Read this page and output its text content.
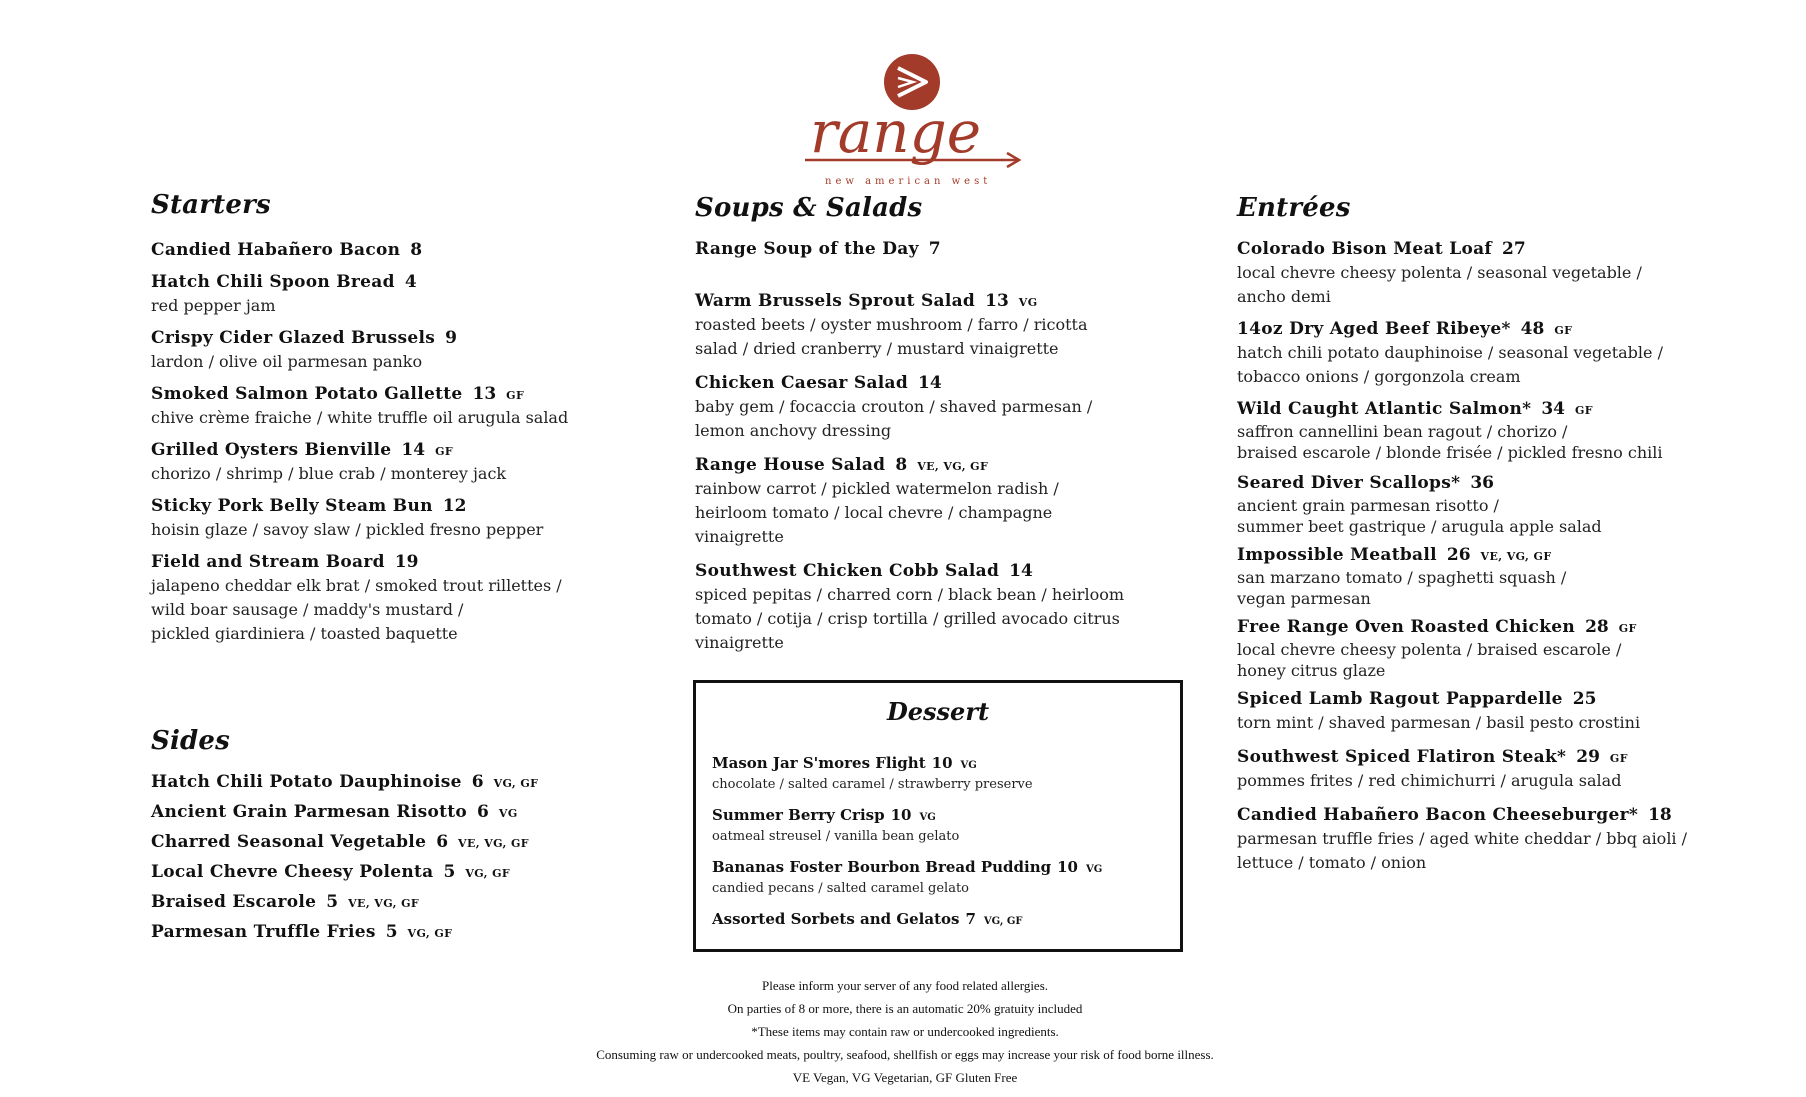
range
new american west
Starters
Candied Habañero Bacon 8
Hatch Chili Spoon Bread 4
red pepper jam
Crispy Cider Glazed Brussels 9
lardon / olive oil parmesan panko
Smoked Salmon Potato Gallette 13 GF
chive crème fraiche / white truffle oil arugula salad
Grilled Oysters Bienville 14 GF
chorizo / shrimp / blue crab / monterey jack
Sticky Pork Belly Steam Bun 12
hoisin glaze / savoy slaw / pickled fresno pepper
Field and Stream Board 19
jalapeno cheddar elk brat / smoked trout rillettes /
wild boar sausage / maddy's mustard /
pickled giardiniera / toasted baquette
Sides
Hatch Chili Potato Dauphinoise 6 VG, GF
Ancient Grain Parmesan Risotto 6 VG
Charred Seasonal Vegetable 6 VE, VG, GF
Local Chevre Cheesy Polenta 5 VG, GF
Braised Escarole 5 VE, VG, GF
Parmesan Truffle Fries 5 VG, GF
Soups & Salads
Range Soup of the Day 7
Warm Brussels Sprout Salad 13 VG
roasted beets / oyster mushroom / farro / ricotta
salad / dried cranberry / mustard vinaigrette
Chicken Caesar Salad 14
baby gem / focaccia crouton / shaved parmesan /
lemon anchovy dressing
Range House Salad 8 VE, VG, GF
rainbow carrot / pickled watermelon radish /
heirloom tomato / local chevre / champagne
vinaigrette
Southwest Chicken Cobb Salad 14
spiced pepitas / charred corn / black bean / heirloom
tomato / cotija / crisp tortilla / grilled avocado citrus
vinaigrette
Dessert
Mason Jar S'mores Flight 10 VG
chocolate / salted caramel / strawberry preserve
Summer Berry Crisp 10 VG
oatmeal streusel / vanilla bean gelato
Bananas Foster Bourbon Bread Pudding 10 VG
candied pecans / salted caramel gelato
Assorted Sorbets and Gelatos 7 VG, GF
Entrées
Colorado Bison Meat Loaf 27
local chevre cheesy polenta / seasonal vegetable /
ancho demi
14oz Dry Aged Beef Ribeye* 48 GF
hatch chili potato dauphinoise / seasonal vegetable /
tobacco onions / gorgonzola cream
Wild Caught Atlantic Salmon* 34 GF
saffron cannellini bean ragout / chorizo /
braised escarole / blonde frisée / pickled fresno chili
Seared Diver Scallops* 36
ancient grain parmesan risotto /
summer beet gastrique / arugula apple salad
Impossible Meatball 26 VE, VG, GF
san marzano tomato / spaghetti squash /
vegan parmesan
Free Range Oven Roasted Chicken 28 GF
local chevre cheesy polenta / braised escarole /
honey citrus glaze
Spiced Lamb Ragout Pappardelle 25
torn mint / shaved parmesan / basil pesto crostini
Southwest Spiced Flatiron Steak* 29 GF
pommes frites / red chimichurri / arugula salad
Candied Habañero Bacon Cheeseburger* 18
parmesan truffle fries / aged white cheddar / bbq aioli /
lettuce / tomato / onion
Please inform your server of any food related allergies.
On parties of 8 or more, there is an automatic 20% gratuity included
*These items may contain raw or undercooked ingredients.
Consuming raw or undercooked meats, poultry, seafood, shellfish or eggs may increase your risk of food borne illness.
VE Vegan, VG Vegetarian, GF Gluten Free
